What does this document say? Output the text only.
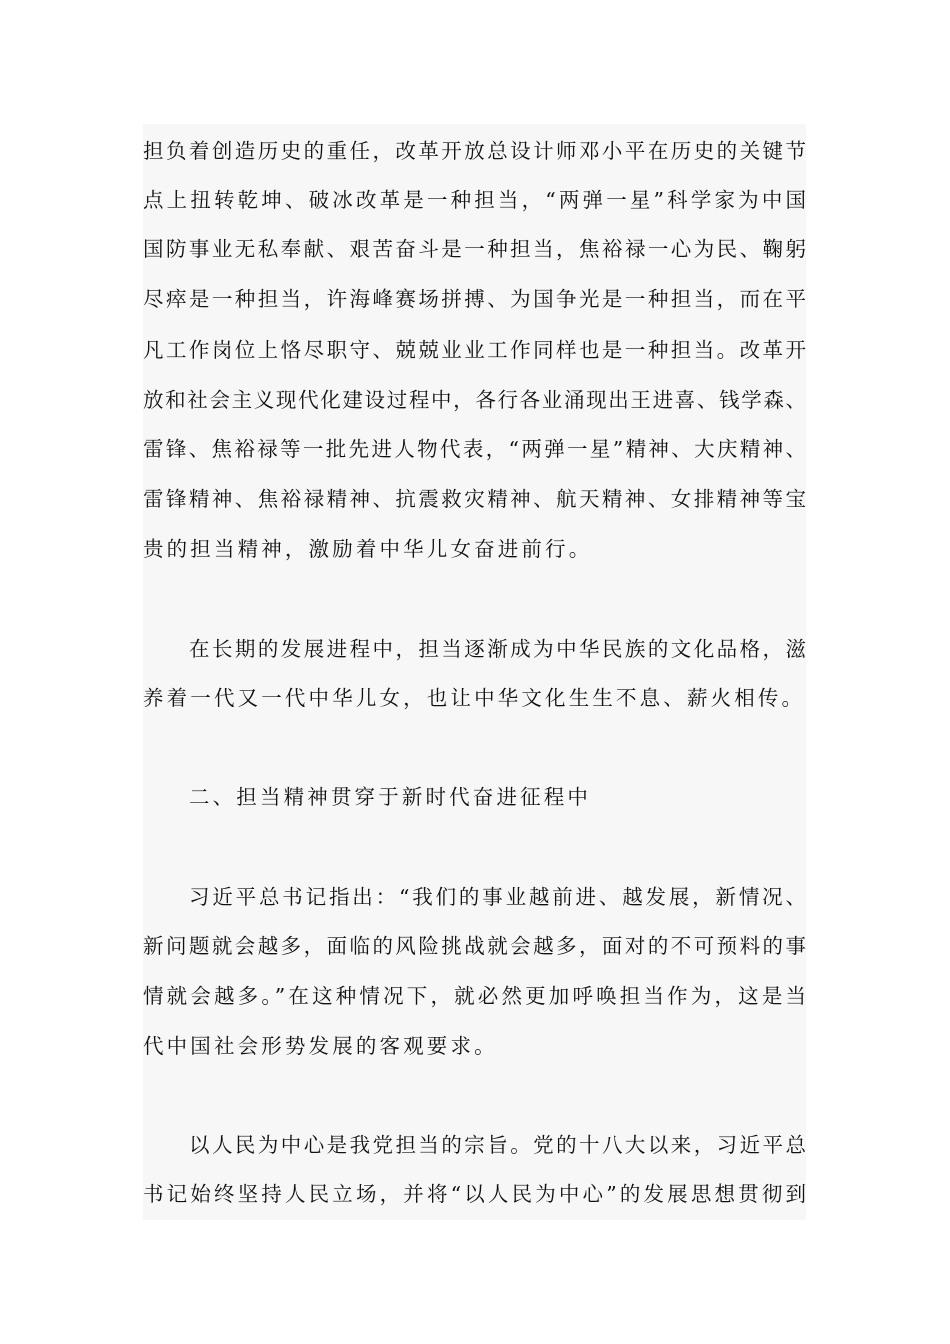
担负着创造历史的重任，改革开放总设计师邓小平在历史的关键节
点上扭转乾坤、破冰改革是一种担当，“两弹一星”科学家为中国
国防事业无私奉献、艰苦奋斗是一种担当，焦裕禄一心为民、鞠躬
尽瘁是一种担当，许海峰赛场拼搏、为国争光是一种担当，而在平
凡工作岗位上恪尽职守、兢兢业业工作同样也是一种担当。改革开
放和社会主义现代化建设过程中，各行各业涌现出王进喜、钱学森、
雷锋、焦裕禄等一批先进人物代表，“两弹一星”精神、大庆精神、
雷锋精神、焦裕禄精神、抗震救灾精神、航天精神、女排精神等宝
贵的担当精神，激励着中华儿女奋进前行。
在长期的发展进程中，担当逐渐成为中华民族的文化品格，滋
养着一代又一代中华儿女，也让中华文化生生不息、薪火相传。
二、担当精神贯穿于新时代奋进征程中
习近平总书记指出：“我们的事业越前进、越发展，新情况、
新问题就会越多，面临的风险挑战就会越多，面对的不可预料的事
情就会越多。”在这种情况下，就必然更加呼唤担当作为，这是当
代中国社会形势发展的客观要求。
以人民为中心是我党担当的宗旨。党的十八大以来，习近平总
书记始终坚持人民立场，并将“以人民为中心”的发展思想贯彻到
